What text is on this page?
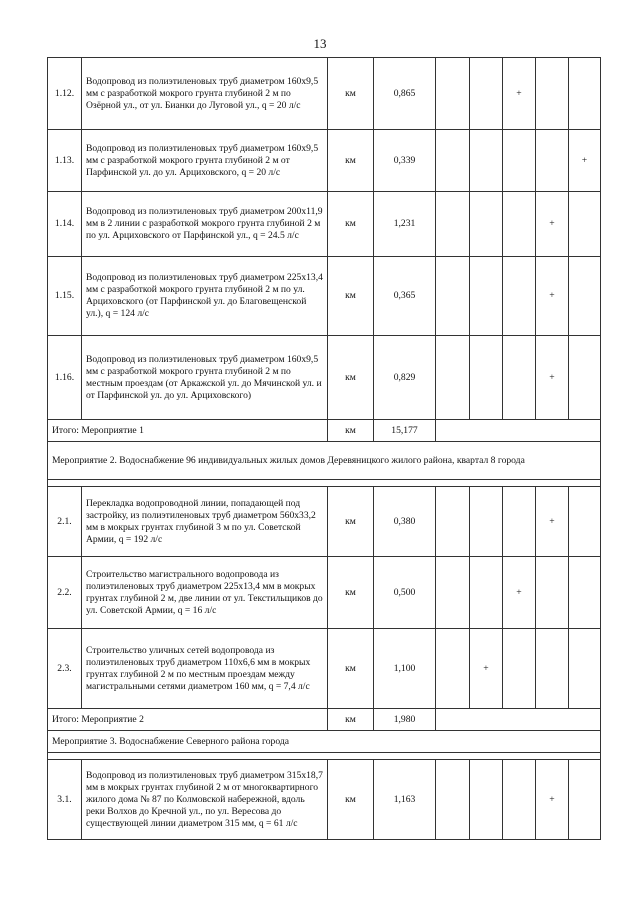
13
1.12.	Водопровод из полиэтиленовых труб диаметром 160х9,5 мм с разработкой мокрого грунта глубиной 2 м по Озёрной ул., от ул. Бианки до Луговой ул., q = 20 л/с	км	0,865			+		
1.13.	Водопровод из полиэтиленовых труб диаметром 160х9,5 мм с разработкой мокрого грунта глубиной 2 м от Парфинской ул. до ул. Арциховского, q = 20 л/с	км	0,339					+
1.14.	Водопровод из полиэтиленовых труб диаметром 200х11,9 мм в 2 линии с разработкой мокрого грунта глубиной 2 м по ул. Арциховского от Парфинской ул., q = 24.5 л/с	км	1,231				+	
1.15.	Водопровод из полиэтиленовых труб диаметром 225х13,4 мм с разработкой мокрого грунта глубиной 2 м по ул. Арциховского (от Парфинской ул. до Благовещенской ул.), q = 124 л/с	км	0,365				+	
1.16.	Водопровод из полиэтиленовых труб диаметром 160х9,5 мм с разработкой мокрого грунта глубиной 2 м по местным проездам (от Аркажской ул. до Мячинской ул. и от Парфинской ул. до ул. Арциховского)	км	0,829				+	
Итого: Мероприятие 1		км	15,177					
Мероприятие 2. Водоснабжение 96 индивидуальных жилых домов Деревяницкого жилого района, квартал 8 города								

2.1.	Перекладка водопроводной линии, попадающей под застройку, из полиэтиленовых труб диаметром 560х33,2 мм в мокрых грунтах глубиной 3 м по ул. Советской Армии, q = 192 л/с	км	0,380				+	
2.2.	Строительство магистрального водопровода из полиэтиленовых труб диаметром 225х13,4 мм в мокрых грунтах глубиной 2 м, две линии от ул. Текстильщиков до ул. Советской Армии, q = 16 л/с	км	0,500			+		
2.3.	Строительство уличных сетей водопровода из полиэтиленовых труб диаметром 110х6,6 мм в мокрых грунтах глубиной 2 м по местным проездам между магистральными сетями диаметром 160 мм, q = 7,4 л/с	км	1,100		+			
Итого: Мероприятие 2		км	1,980					
Мероприятие 3. Водоснабжение Северного района города								

3.1.	Водопровод из полиэтиленовых труб диаметром 315х18,7 мм в мокрых грунтах глубиной 2 м от многоквартирного жилого дома № 87 по Колмовской набережной, вдоль реки Волхов до Кречной ул., по ул. Вересова до существующей линии диаметром 315 мм, q = 61 л/с	км	1,163				+	
